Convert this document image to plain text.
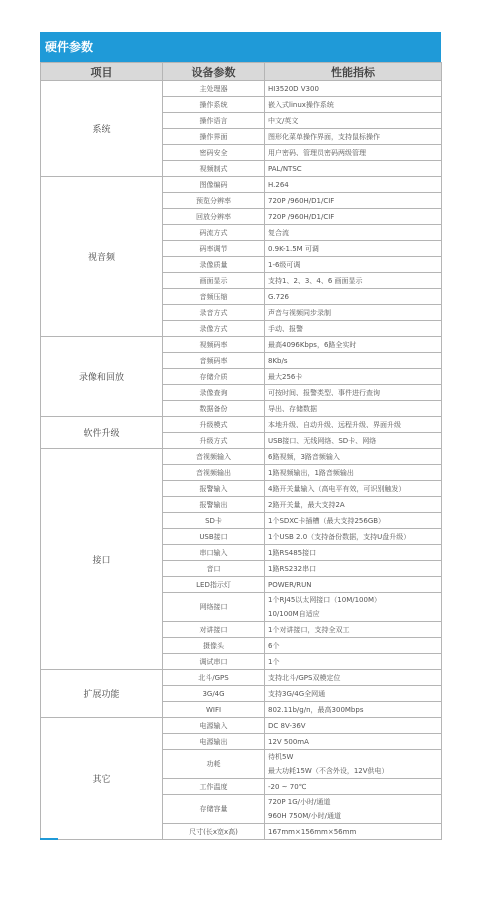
硬件参数
项目	设备参数	性能指标
系统	主处理器	HI3520D V300

	操作系统	嵌入式linux操作系统

	操作语言	中文/英文

	操作界面	图形化菜单操作界面，支持鼠标操作

	密码安全	用户密码、管理员密码两级管理

	视频制式	PAL/NTSC

视音频	图像编码	H.264

	预览分辨率	720P /960H/D1/CIF

	回放分辨率	720P /960H/D1/CIF

	码流方式	复合流

	码率调节	0.9K-1.5M 可调

	录像质量	1-6级可调

	画面显示	支持1、2、3、4、6 画面显示

	音频压缩	G.726

	录音方式	声音与视频同步录制

	录像方式	手动、报警

录像和回放	视频码率	最高4096Kbps，6路全实时

	音频码率	8Kb/s

	存储介质	最大256卡

	录像查询	可按时间、报警类型、事件进行查询

	数据备份	导出、存储数据

软件升级	升级模式	本地升级、自动升级、远程升级、界面升级

	升级方式	USB接口、无线网络、SD卡、网络

接口	音视频输入	6路视频，3路音频输入

	音视频输出	1路视频输出，1路音频输出

	报警输入	4路开关量输入（高电平有效，可识别触发）

	报警输出	2路开关量，最大支持2A

	SD卡	1个SDXC卡插槽（最大支持256GB）

	USB接口	1个USB 2.0（支持备份数据，支持U盘升级）

	串口输入	1路RS485接口

	音口	1路RS232串口

	LED指示灯	POWER/RUN

	网络接口	1个RJ45以太网接口（10M/100M）
10/100M自适应

	对讲接口	1个对讲接口，支持全双工

	摄像头	6个

	调试串口	1个

扩展功能	北斗/GPS	支持北斗/GPS双模定位

	3G/4G	支持3G/4G全网通

	WIFI	802.11b/g/n，最高300Mbps

其它	电源输入	DC 8V-36V

	电源输出	12V 500mA

	功耗	待机5W
最大功耗15W（不含外设，12V供电）

	工作温度	-20 ~ 70℃

	存储容量	720P 1G/小时/通道
960H 750M/小时/通道

	尺寸(长x宽x高)	167mm×156mm×56mm
